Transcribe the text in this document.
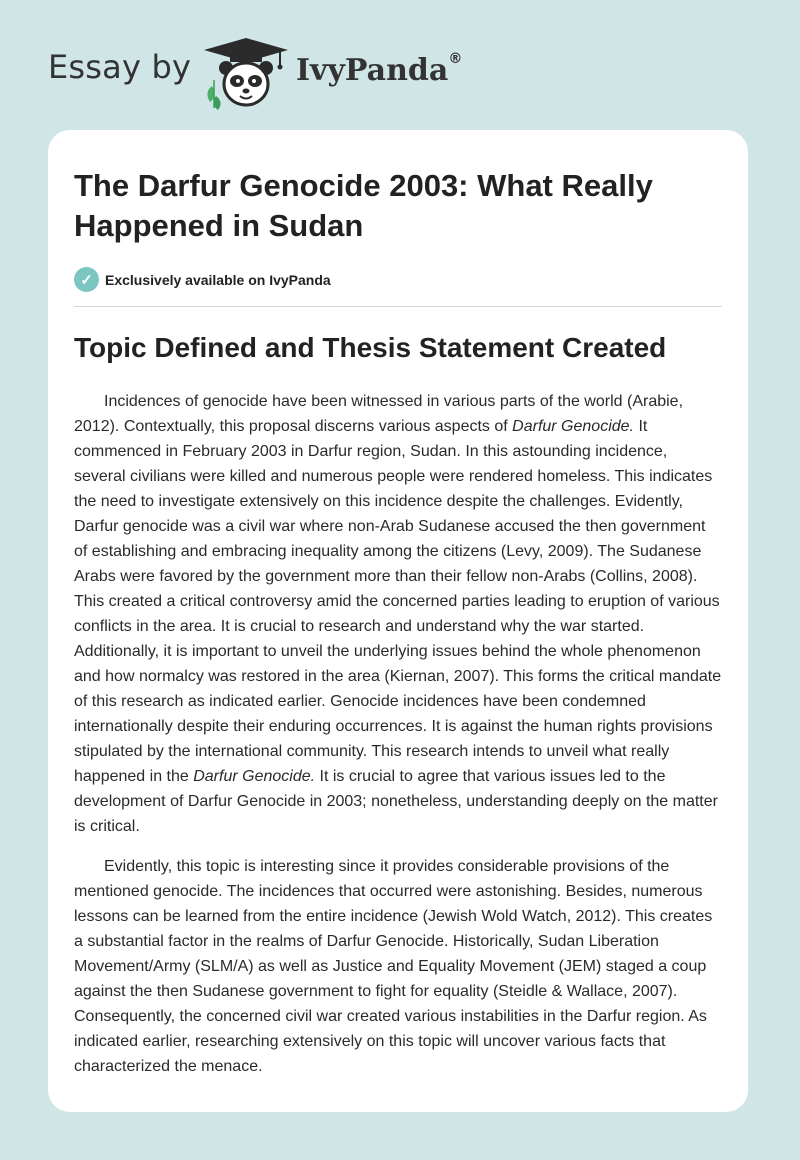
Essay by	IvyPanda®
The Darfur Genocide 2003: What Really Happened in Sudan
✓ Exclusively available on IvyPanda
Topic Defined and Thesis Statement Created

Incidences of genocide have been witnessed in various parts of the world (Arabie, 2012). Contextually, this proposal discerns various aspects of Darfur Genocide. It commenced in February 2003 in Darfur region, Sudan. In this astounding incidence, several civilians were killed and numerous people were rendered homeless. This indicates the need to investigate extensively on this incidence despite the challenges. Evidently, Darfur genocide was a civil war where non-Arab Sudanese accused the then government of establishing and embracing inequality among the citizens (Levy, 2009). The Sudanese Arabs were favored by the government more than their fellow non-Arabs (Collins, 2008). This created a critical controversy amid the concerned parties leading to eruption of various conflicts in the area. It is crucial to research and understand why the war started. Additionally, it is important to unveil the underlying issues behind the whole phenomenon and how normalcy was restored in the area (Kiernan, 2007). This forms the critical mandate of this research as indicated earlier. Genocide incidences have been condemned internationally despite their enduring occurrences. It is against the human rights provisions stipulated by the international community. This research intends to unveil what really happened in the Darfur Genocide. It is crucial to agree that various issues led to the development of Darfur Genocide in 2003; nonetheless, understanding deeply on the matter is critical.

Evidently, this topic is interesting since it provides considerable provisions of the mentioned genocide. The incidences that occurred were astonishing. Besides, numerous lessons can be learned from the entire incidence (Jewish Wold Watch, 2012). This creates a substantial factor in the realms of Darfur Genocide. Historically, Sudan Liberation Movement/Army (SLM/A) as well as Justice and Equality Movement (JEM) staged a coup against the then Sudanese government to fight for equality (Steidle & Wallace, 2007). Consequently, the concerned civil war created various instabilities in the Darfur region. As indicated earlier, researching extensively on this topic will uncover various facts that characterized the menace.
